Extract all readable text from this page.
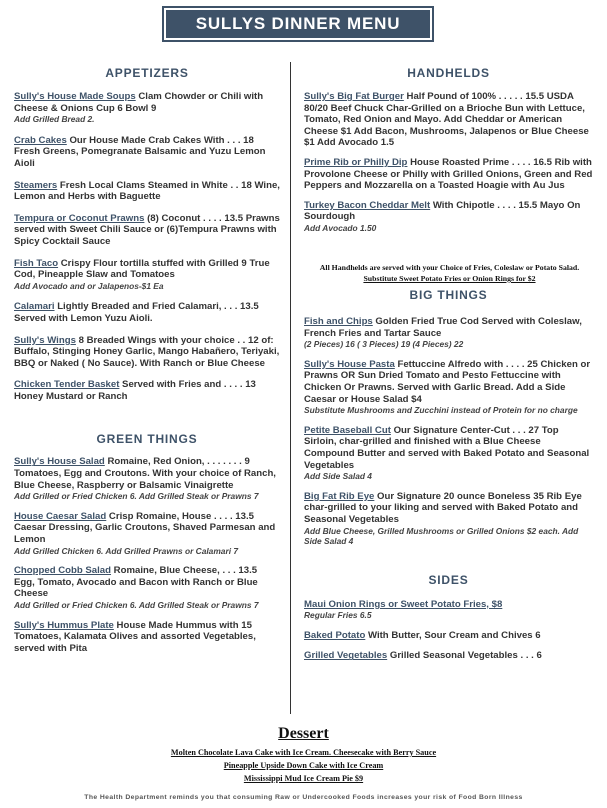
SULLYS DINNER MENU

APPETIZERS

Sully's House Made Soups Clam Chowder or Chili with Cheese & Onions Cup 6 Bowl 9

Add Grilled Bread 2.

Crab Cakes Our House Made Crab Cakes With . . . 18 Fresh Greens, Pomegranate Balsamic and Yuzu Lemon Aioli

Steamers Fresh Local Clams Steamed in White . . 18 Wine, Lemon and Herbs with Baguette

Tempura or Coconut Prawns (8) Coconut . . . . 13.5 Prawns served with Sweet Chili Sauce or (6)Tempura Prawns with Spicy Cocktail Sauce

Fish Taco Crispy Flour tortilla stuffed with Grilled 9 True Cod, Pineapple Slaw and Tomatoes

Add Avocado and or Jalapenos-$1 Ea

Calamari Lightly Breaded and Fried Calamari, . . . 13.5 Served with Lemon Yuzu Aioli.

Sully's Wings 8 Breaded Wings with your choice . . 12 of: Buffalo, Stinging Honey Garlic, Mango Habañero, Teriyaki, BBQ or Naked ( No Sauce). With Ranch or Blue Cheese

Chicken Tender Basket Served with Fries and . . . . 13 Honey Mustard or Ranch

GREEN THINGS

Sully's House Salad Romaine, Red Onion, . . . . . . . 9 Tomatoes, Egg and Croutons. With your choice of Ranch, Blue Cheese, Raspberry or Balsamic Vinaigrette

Add Grilled or Fried Chicken 6. Add Grilled Steak or Prawns 7

House Caesar Salad Crisp Romaine, House . . . . 13.5 Caesar Dressing, Garlic Croutons, Shaved Parmesan and Lemon

Add Grilled Chicken 6. Add Grilled Prawns or Calamari 7

Chopped Cobb Salad Romaine, Blue Cheese, . . . 13.5 Egg, Tomato, Avocado and Bacon with Ranch or Blue Cheese

Add Grilled or Fried Chicken 6. Add Grilled Steak or Prawns 7

Sully's Hummus Plate House Made Hummus with 15 Tomatoes, Kalamata Olives and assorted Vegetables, served with Pita

HANDHELDS

Sully's Big Fat Burger Half Pound of 100% . . . . . 15.5 USDA 80/20 Beef Chuck Char-Grilled on a Brioche Bun with Lettuce, Tomato, Red Onion and Mayo. Add Cheddar or American Cheese $1 Add Bacon, Mushrooms, Jalapenos or Blue Cheese $1 Add Avocado 1.5

Prime Rib or Philly Dip House Roasted Prime . . . . 16.5 Rib with Provolone Cheese or Philly with Grilled Onions, Green and Red Peppers and Mozzarella on a Toasted Hoagie with Au Jus

Turkey Bacon Cheddar Melt With Chipotle . . . . 15.5 Mayo On Sourdough

Add Avocado 1.50

All Handhelds are served with your Choice of Fries, Coleslaw or Potato Salad.

Substitute Sweet Potato Fries or Onion Rings for $2

BIG THINGS

Fish and Chips Golden Fried True Cod Served with Coleslaw, French Fries and Tartar Sauce

(2 Pieces) 16 ( 3 Pieces) 19 (4 Pieces) 22

Sully's House Pasta Fettuccine Alfredo with . . . . 25 Chicken or Prawns OR Sun Dried Tomato and Pesto Fettuccine with Chicken Or Prawns. Served with Garlic Bread. Add a Side Caesar or House Salad $4

Substitute Mushrooms and Zucchini instead of Protein for no charge

Petite Baseball Cut Our Signature Center-Cut . . . 27 Top Sirloin, char-grilled and finished with a Blue Cheese Compound Butter and served with Baked Potato and Seasonal Vegetables

Add Side Salad 4

Big Fat Rib Eye Our Signature 20 ounce Boneless 35 Rib Eye char-grilled to your liking and served with Baked Potato and Seasonal Vegetables

Add Blue Cheese, Grilled Mushrooms or Grilled Onions $2 each. Add Side Salad 4

SIDES

Maui Onion Rings or Sweet Potato Fries, $8

Regular Fries 6.5

Baked Potato With Butter, Sour Cream and Chives 6

Grilled Vegetables Grilled Seasonal Vegetables . . . 6

Dessert
Molten Chocolate Lava Cake with Ice Cream. Cheesecake with Berry Sauce
Pineapple Upside Down Cake with Ice Cream
Mississippi Mud Ice Cream Pie $9
The Health Department reminds you that consuming Raw or Undercooked Foods increases your risk of Food Born Illness
